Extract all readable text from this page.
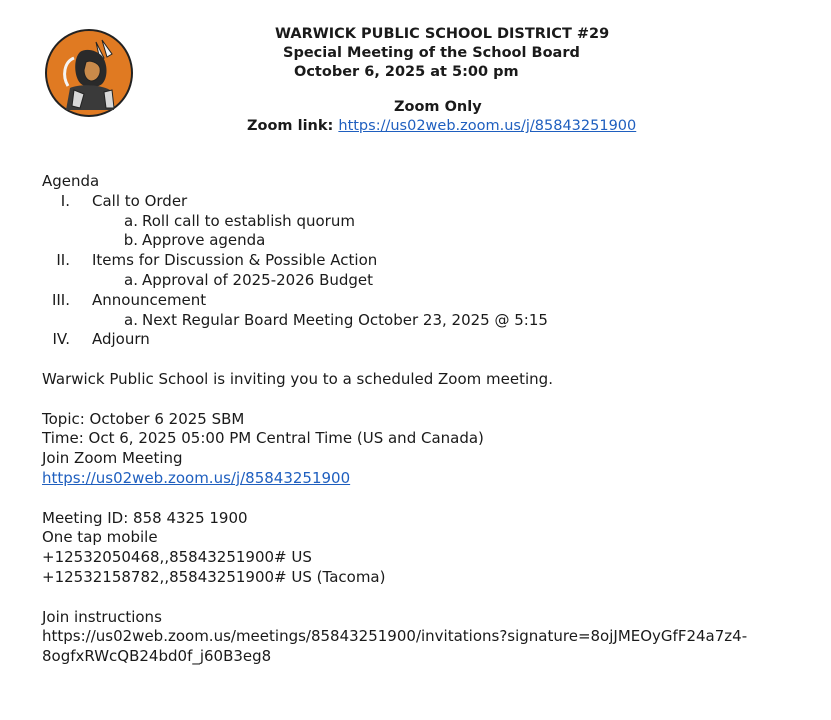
WARWICK PUBLIC SCHOOL DISTRICT #29
Special Meeting of the School Board
October 6, 2025 at 5:00 pm
Zoom Only
Zoom link: https://us02web.zoom.us/j/85843251900
Agenda
I. Call to Order
a. Roll call to establish quorum
b. Approve agenda
II. Items for Discussion & Possible Action
a. Approval of 2025-2026 Budget
III. Announcement
a. Next Regular Board Meeting October 23, 2025 @ 5:15
IV. Adjourn
Warwick Public School is inviting you to a scheduled Zoom meeting.
Topic: October 6 2025 SBM
Time: Oct 6, 2025 05:00 PM Central Time (US and Canada)
Join Zoom Meeting
https://us02web.zoom.us/j/85843251900
Meeting ID: 858 4325 1900
One tap mobile
+12532050468,,85843251900# US
+12532158782,,85843251900# US (Tacoma)
Join instructions
https://us02web.zoom.us/meetings/85843251900/invitations?signature=8ojJMEOyGfF24a7z4-
8ogfxRWcQB24bd0f_j60B3eg8
